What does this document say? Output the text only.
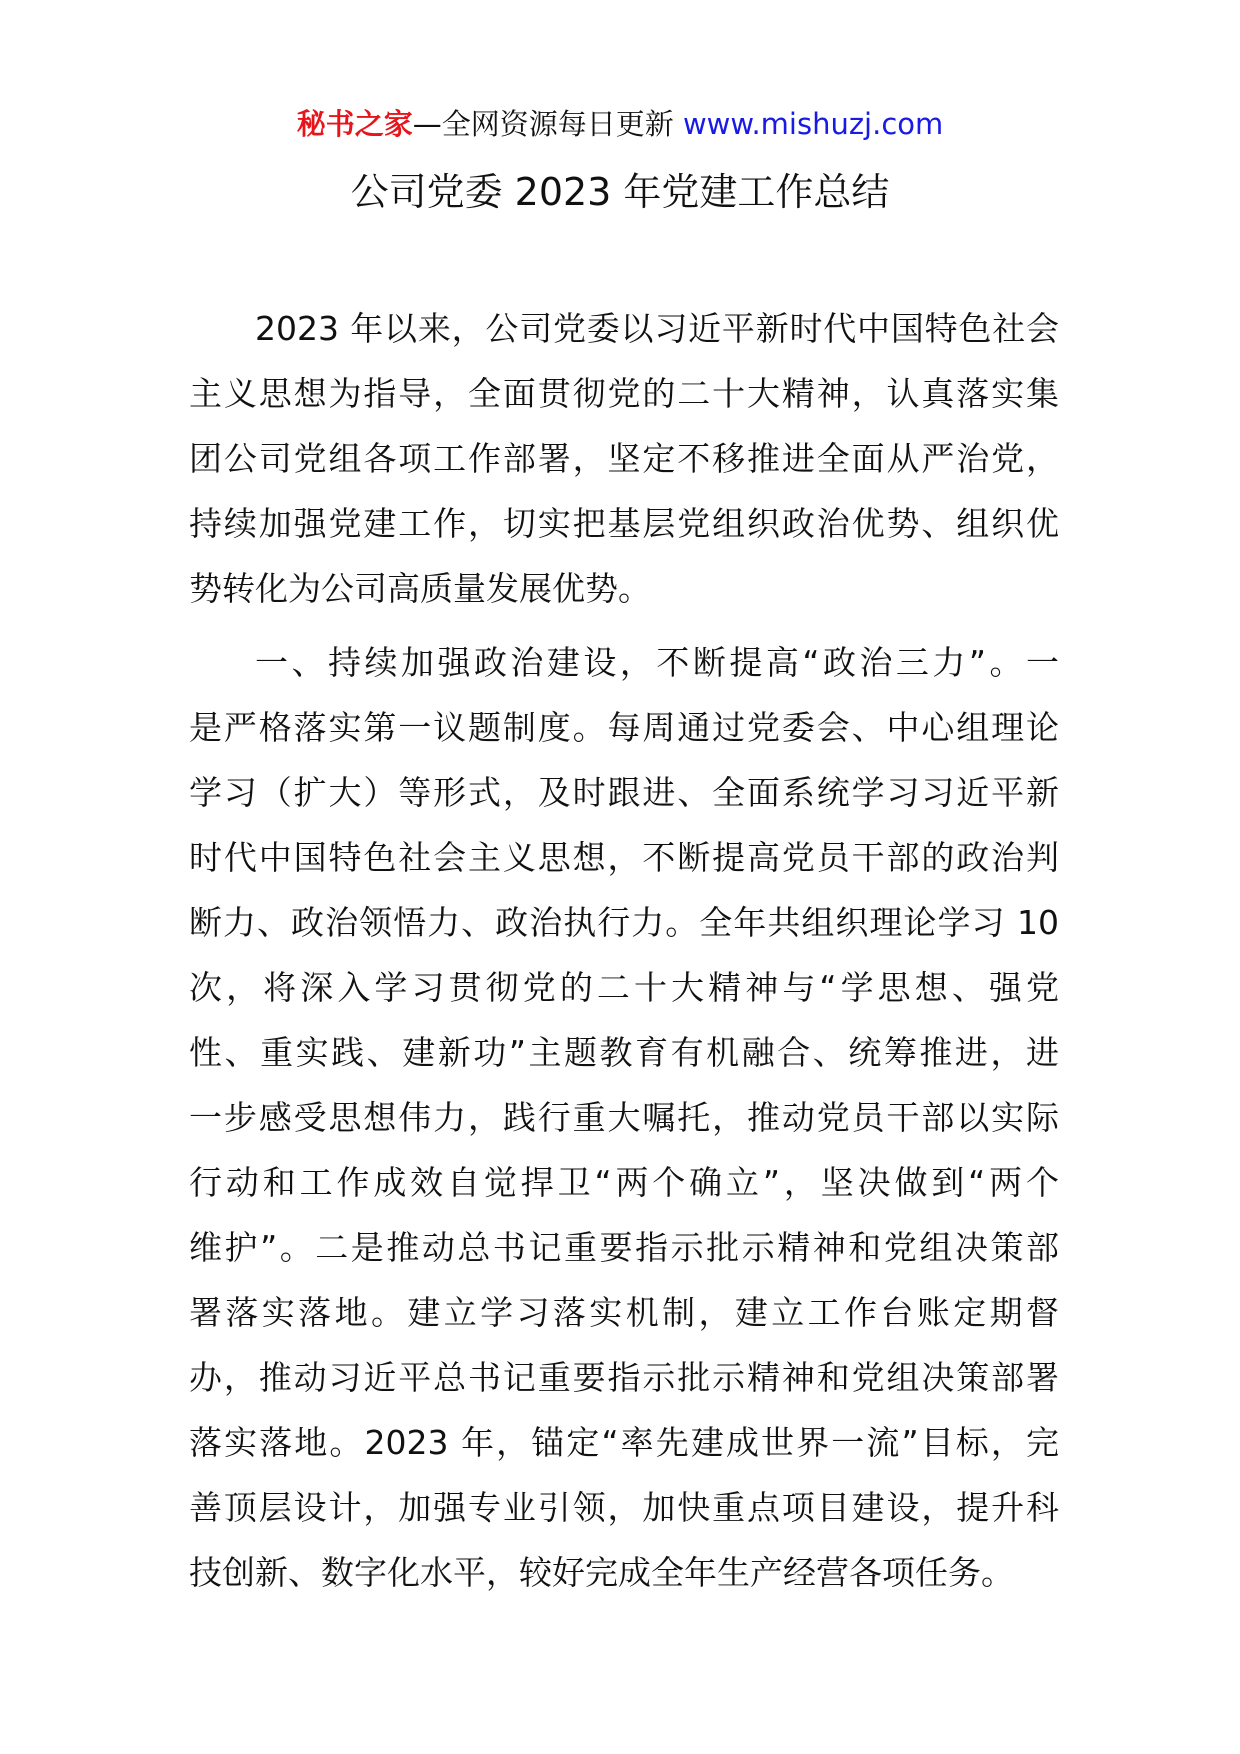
秘书之家—全网资源每日更新 www.mishuzj.com
公司党委 2023 年党建工作总结

2023 年以来，公司党委以习近平新时代中国特色社会
主义思想为指导，全面贯彻党的二十大精神，认真落实集
团公司党组各项工作部署，坚定不移推进全面从严治党，
持续加强党建工作，切实把基层党组织政治优势、组织优
势转化为公司高质量发展优势。

一、持续加强政治建设，不断提高“政治三力”。一
是严格落实第一议题制度。每周通过党委会、中心组理论
学习（扩大）等形式，及时跟进、全面系统学习习近平新
时代中国特色社会主义思想，不断提高党员干部的政治判
断力、政治领悟力、政治执行力。全年共组织理论学习 10
次，将深入学习贯彻党的二十大精神与“学思想、强党
性、重实践、建新功”主题教育有机融合、统筹推进，进
一步感受思想伟力，践行重大嘱托，推动党员干部以实际
行动和工作成效自觉捍卫“两个确立”，坚决做到“两个
维护”。二是推动总书记重要指示批示精神和党组决策部
署落实落地。建立学习落实机制，建立工作台账定期督
办，推动习近平总书记重要指示批示精神和党组决策部署
落实落地。2023 年，锚定“率先建成世界一流”目标，完
善顶层设计，加强专业引领，加快重点项目建设，提升科
技创新、数字化水平，较好完成全年生产经营各项任务。
